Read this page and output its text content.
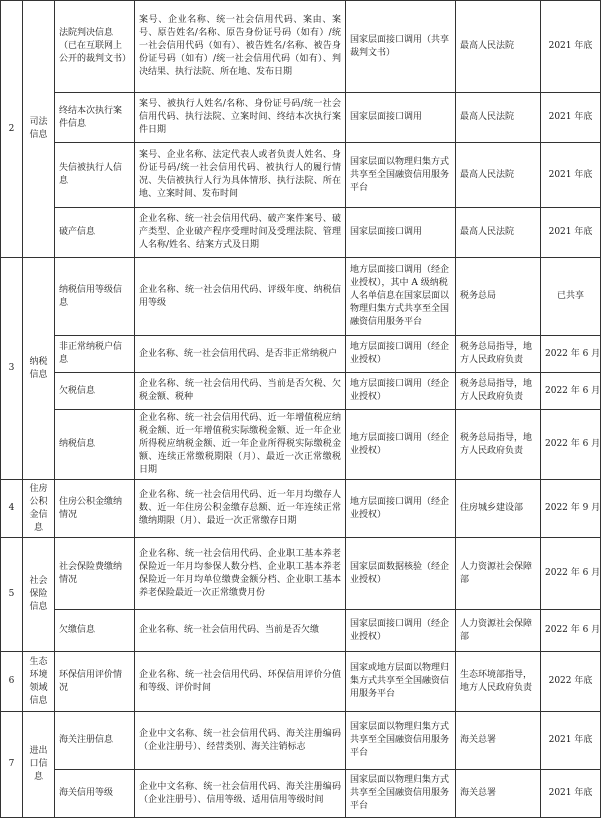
2	司法信息	法院判决信息（已在互联网上公开的裁判文书）	案号、企业名称、统一社会信用代码、案由、案号、原告姓名/名称、原告身份证号码（如有）/统一社会信用代码（如有）、被告姓名/名称、被告身份证号码（如有）/统一社会信用代码（如有）、判决结果、执行法院、所在地、发布日期	国家层面接口调用（共享裁判文书）	最高人民法院	2021 年底
		终结本次执行案件信息	案号、被执行人姓名/名称、身份证号码/统一社会信用代码、执行法院、立案时间、终结本次执行案件日期	国家层面接口调用	最高人民法院	2021 年底
		失信被执行人信息	案号、企业名称、法定代表人或者负责人姓名、身份证号码/统一社会信用代码、被执行人的履行情况、失信被执行人行为具体情形、执行法院、所在地、立案时间、发布时间	国家层面以物理归集方式共享至全国融资信用服务平台	最高人民法院	2021 年底
		破产信息	企业名称、统一社会信用代码、破产案件案号、破产类型、企业破产程序受理时间及受理法院、管理人名称/姓名、结案方式及日期	国家层面接口调用	最高人民法院	2021 年底
3	纳税信息	纳税信用等级信息	企业名称、统一社会信用代码、评级年度、纳税信用等级	地方层面接口调用（经企业授权），其中 A 级纳税人名单信息在国家层面以物理归集方式共享至全国融资信用服务平台	税务总局	已共享
		非正常纳税户信息	企业名称、统一社会信用代码、是否非正常纳税户	地方层面接口调用（经企业授权）	税务总局指导，地方人民政府负责	2022 年 6 月
		欠税信息	企业名称、统一社会信用代码、当前是否欠税、欠税金额、税种	地方层面接口调用（经企业授权）	税务总局指导，地方人民政府负责	2022 年 6 月
		纳税信息	企业名称、统一社会信用代码、近一年增值税应纳税金额、近一年增值税实际缴税金额、近一年企业所得税应纳税金额、近一年企业所得税实际缴税金额、连续正常缴税期限（月）、最近一次正常缴税日期	地方层面接口调用（经企业授权）	税务总局指导，地方人民政府负责	2022 年 6 月
4	住房公积金信息	住房公积金缴纳情况	企业名称、统一社会信用代码、近一年月均缴存人数、近一年住房公积金缴存总额、近一年连续正常缴纳期限（月）、最近一次正常缴存日期	地方层面接口调用（经企业授权）	住房城乡建设部	2022 年 9 月
5	社会保险信息	社会保险费缴纳情况	企业名称、统一社会信用代码、企业职工基本养老保险近一年月均参保人数分档、企业职工基本养老保险近一年月均单位缴费金额分档、企业职工基本养老保险最近一次正常缴费月份	国家层面数据核验（经企业授权）	人力资源社会保障部	2022 年 6 月
		欠缴信息	企业名称、统一社会信用代码、当前是否欠缴	国家层面接口调用（经企业授权）	人力资源社会保障部	2022 年 6 月
6	生态环境领域信息	环保信用评价情况	企业名称、统一社会信用代码、环保信用评价分值和等级、评价时间	国家或地方层面以物理归集方式共享至全国融资信用服务平台	生态环境部指导，地方人民政府负责	2022 年底
7	进出口信息	海关注册信息	企业中文名称、统一社会信用代码、海关注册编码（企业注册号）、经营类别、海关注销标志	国家层面以物理归集方式共享至全国融资信用服务平台	海关总署	2021 年底
		海关信用等级	企业中文名称、统一社会信用代码、海关注册编码（企业注册号）、信用等级、适用信用等级时间	国家层面以物理归集方式共享至全国融资信用服务平台	海关总署	2021 年底
